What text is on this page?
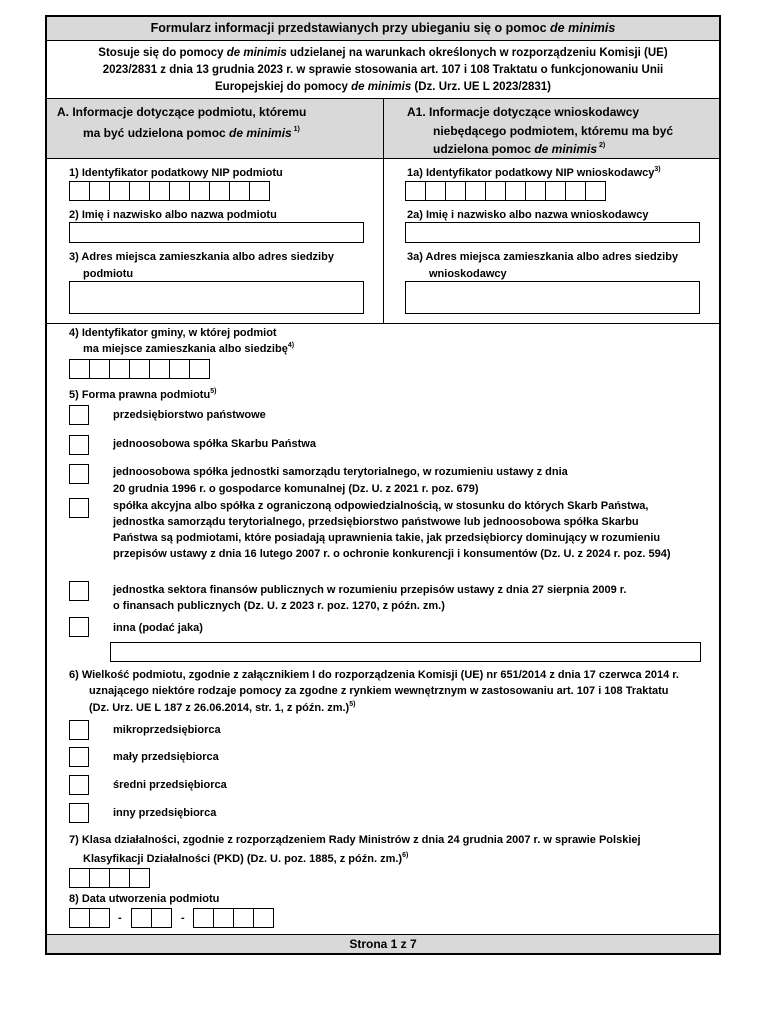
Formularz informacji przedstawianych przy ubieganiu się o pomoc de minimis
Stosuje się do pomocy de minimis udzielanej na warunkach określonych w rozporządzeniu Komisji (UE)
2023/2831 z dnia 13 grudnia 2023 r. w sprawie stosowania art. 107 i 108 Traktatu o funkcjonowaniu Unii
Europejskiej do pomocy de minimis (Dz. Urz. UE L 2023/2831)
A. Informacje dotyczące podmiotu, któremu
ma być udzielona pomoc de minimis $^{1)}$
A1. Informacje dotyczące wnioskodawcy
niebędącego podmiotem, któremu ma być
udzielona pomoc de minimis $^{2)}$
1) Identyfikator podatkowy NIP podmiotu	1a) Identyfikator podatkowy NIP wnioskodawcy$^{3)}$
2) Imię i nazwisko albo nazwa podmiotu	2a) Imię i nazwisko albo nazwa wnioskodawcy
3) Adres miejsca zamieszkania albo adres siedziby
podmiotu
3a) Adres miejsca zamieszkania albo adres siedziby
wnioskodawcy
4) Identyfikator gminy, w której podmiot
ma miejsce zamieszkania albo siedzibę$^{4)}$
5) Forma prawna podmiotu$^{5)}$
przedsiębiorstwo państwowe
jednoosobowa spółka Skarbu Państwa
jednoosobowa spółka jednostki samorządu terytorialnego, w rozumieniu ustawy z dnia
20 grudnia 1996 r. o gospodarce komunalnej (Dz. U. z 2021 r. poz. 679)
spółka akcyjna albo spółka z ograniczoną odpowiedzialnością, w stosunku do których Skarb Państwa,
jednostka samorządu terytorialnego, przedsiębiorstwo państwowe lub jednoosobowa spółka Skarbu
Państwa są podmiotami, które posiadają uprawnienia takie, jak przedsiębiorcy dominujący w rozumieniu
przepisów ustawy z dnia 16 lutego 2007 r. o ochronie konkurencji i konsumentów (Dz. U. z 2024 r. poz. 594)
jednostka sektora finansów publicznych w rozumieniu przepisów ustawy z dnia 27 sierpnia 2009 r.
o finansach publicznych (Dz. U. z 2023 r. poz. 1270, z późn. zm.)
inna (podać jaka)
6) Wielkość podmiotu, zgodnie z załącznikiem I do rozporządzenia Komisji (UE) nr 651/2014 z dnia 17 czerwca 2014 r.
uznającego niektóre rodzaje pomocy za zgodne z rynkiem wewnętrznym w zastosowaniu art. 107 i 108 Traktatu
(Dz. Urz. UE L 187 z 26.06.2014, str. 1, z późn. zm.)$^{5)}$
mikroprzedsiębiorca
mały przedsiębiorca
średni przedsiębiorca
inny przedsiębiorca
7) Klasa działalności, zgodnie z rozporządzeniem Rady Ministrów z dnia 24 grudnia 2007 r. w sprawie Polskiej
Klasyfikacji Działalności (PKD) (Dz. U. poz. 1885, z późn. zm.)$^{6)}$
8) Data utworzenia podmiotu
-	-
Strona 1 z 7
